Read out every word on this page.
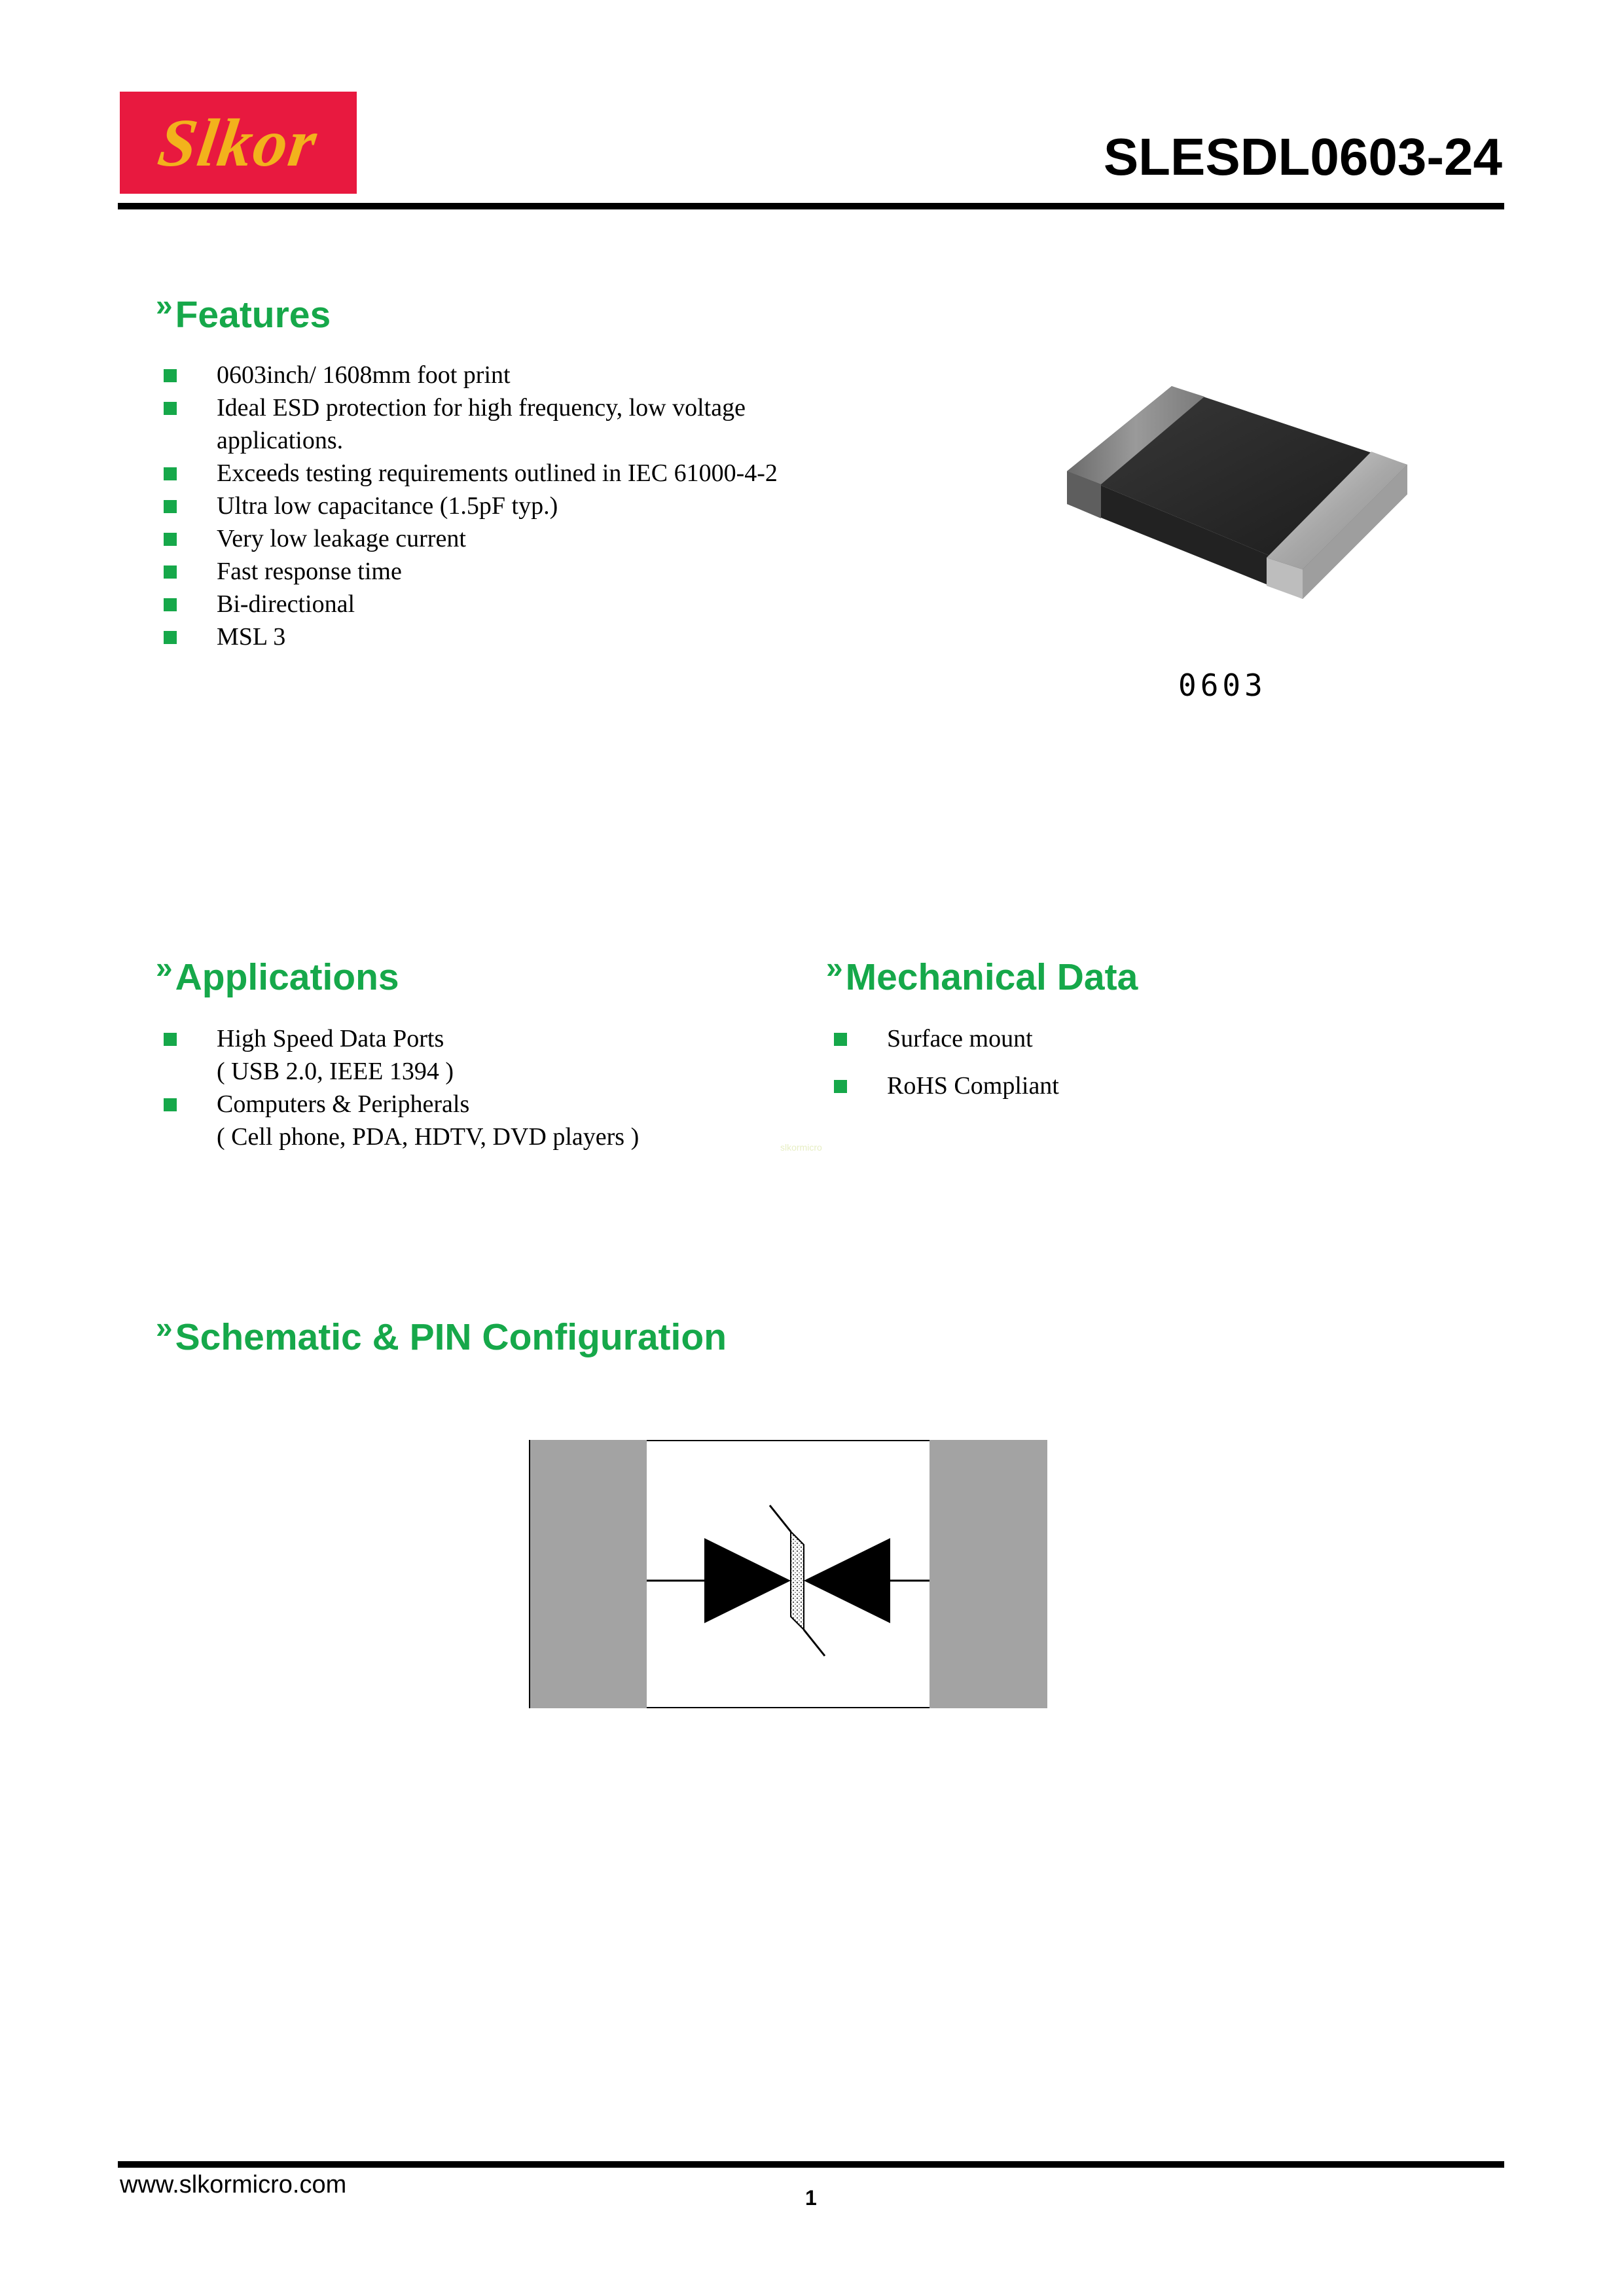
Slkor	SLESDL0603-24
»Features
0603inch/ 1608mm foot print
Ideal ESD protection for high frequency, low voltage
applications.
Exceeds testing requirements outlined in IEC 61000-4-2
Ultra low capacitance (1.5pF typ.)
Very low leakage current
Fast response time
Bi-directional
MSL 3
0603
»Applications
High Speed Data Ports
( USB 2.0, IEEE 1394 )
Computers & Peripherals
( Cell phone, PDA, HDTV, DVD players )	slkormicro
»Mechanical Data
Surface mount
RoHS Compliant
»Schematic & PIN Configuration
www.slkormicro.com	1
